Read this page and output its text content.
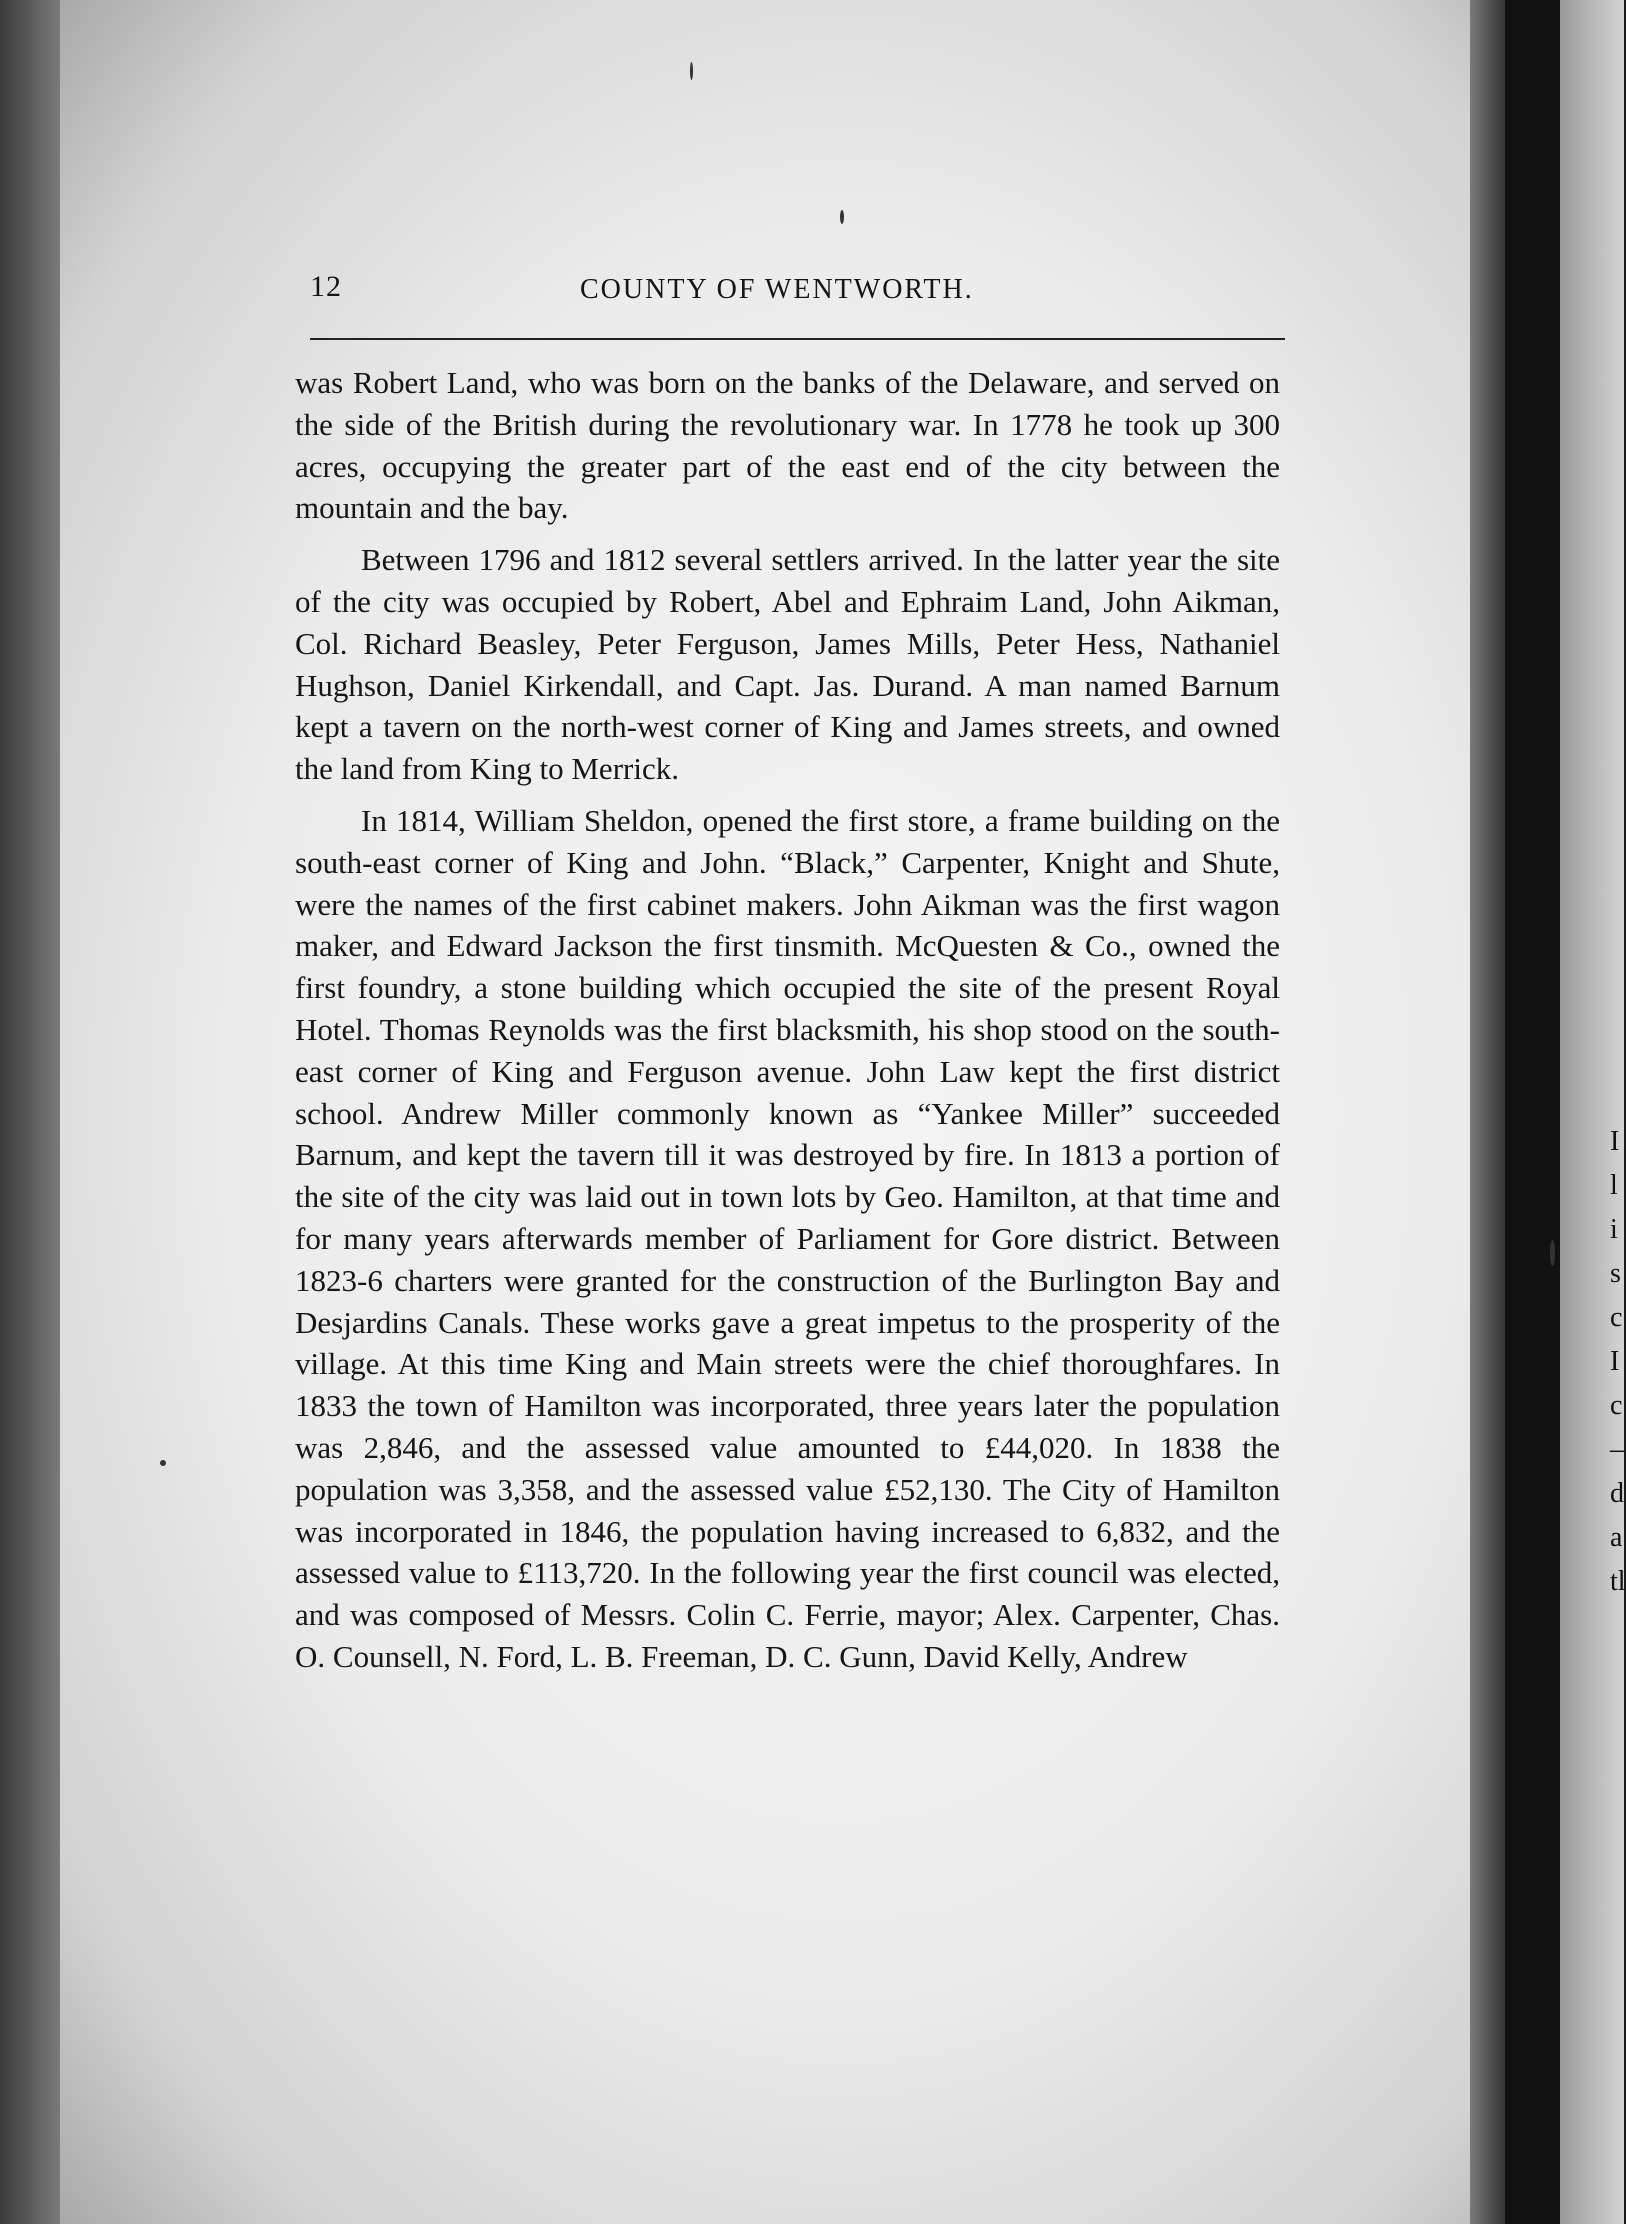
I
l
i
s
c
I
c
–
d
a
tl
12	COUNTY OF WENTWORTH.

was Robert Land, who was born on the banks of the Delaware, and served on the side of the British during the revolutionary war. In 1778 he took up 300 acres, occupying the greater part of the east end of the city between the mountain and the bay.

Between 1796 and 1812 several settlers arrived. In the latter year the site of the city was occupied by Robert, Abel and Ephraim Land, John Aikman, Col. Richard Beasley, Peter Ferguson, James Mills, Peter Hess, Nathaniel Hughson, Daniel Kirkendall, and Capt. Jas. Durand. A man named Barnum kept a tavern on the north-west corner of King and James streets, and owned the land from King to Merrick.

In 1814, William Sheldon, opened the first store, a frame building on the south-east corner of King and John. “Black,” Carpenter, Knight and Shute, were the names of the first cabinet makers. John Aikman was the first wagon maker, and Edward Jackson the first tinsmith. McQuesten & Co., owned the first foundry, a stone building which occupied the site of the present Royal Hotel. Thomas Reynolds was the first blacksmith, his shop stood on the south-east corner of King and Ferguson avenue. John Law kept the first district school. Andrew Miller commonly known as “Yankee Miller” succeeded Barnum, and kept the tavern till it was destroyed by fire. In 1813 a portion of the site of the city was laid out in town lots by Geo. Hamilton, at that time and for many years afterwards member of Parliament for Gore district. Between 1823-6 charters were granted for the construction of the Burlington Bay and Desjardins Canals. These works gave a great impetus to the prosperity of the village. At this time King and Main streets were the chief thoroughfares. In 1833 the town of Hamilton was incorporated, three years later the population was 2,846, and the assessed value amounted to £44,020. In 1838 the population was 3,358, and the assessed value £52,130. The City of Hamilton was incorporated in 1846, the population having increased to 6,832, and the assessed value to £113,720. In the following year the first council was elected, and was composed of Messrs. Colin C. Ferrie, mayor; Alex. Carpenter, Chas. O. Counsell, N. Ford, L. B. Freeman, D. C. Gunn, David Kelly, Andrew
